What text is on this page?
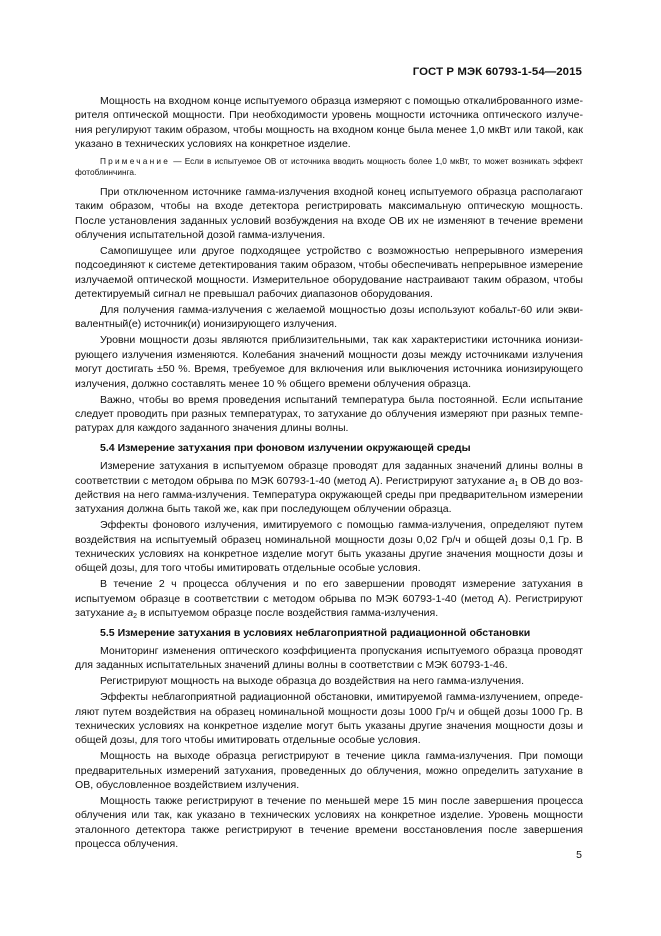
ГОСТ Р МЭК 60793-1-54—2015

Мощность на входном конце испытуемого образца измеряют с помощью откалиброванного измерителя оптической мощности. При необходимости уровень мощности источника оптического излучения регулируют таким образом, чтобы мощность на входном конце была менее 1,0 мкВт или такой, как указано в технических условиях на конкретное изделие.

Примечание — Если в испытуемое ОВ от источника вводить мощность более 1,0 мкВт, то может возникать эффект фотоблинчинга.

При отключенном источнике гамма-излучения входной конец испытуемого образца располагают таким образом, чтобы на входе детектора регистрировать максимальную оптическую мощность. После установления заданных условий возбуждения на входе ОВ их не изменяют в течение времени облучения испытательной дозой гамма-излучения.

Самопишущее или другое подходящее устройство с возможностью непрерывного измерения подсоединяют к системе детектирования таким образом, чтобы обеспечивать непрерывное измерение излучаемой оптической мощности. Измерительное оборудование настраивают таким образом, чтобы детектируемый сигнал не превышал рабочих диапазонов оборудования.

Для получения гамма-излучения с желаемой мощностью дозы используют кобальт-60 или эквивалентный(е) источник(и) ионизирующего излучения.

Уровни мощности дозы являются приблизительными, так как характеристики источника ионизирующего излучения изменяются. Колебания значений мощности дозы между источниками излучения могут достигать ±50 %. Время, требуемое для включения или выключения источника ионизирующего излучения, должно составлять менее 10 % общего времени облучения образца.

Важно, чтобы во время проведения испытаний температура была постоянной. Если испытание следует проводить при разных температурах, то затухание до облучения измеряют при разных температурах для каждого заданного значения длины волны.

5.4 Измерение затухания при фоновом излучении окружающей среды

Измерение затухания в испытуемом образце проводят для заданных значений длины волны в соответствии с методом обрыва по МЭК 60793-1-40 (метод А). Регистрируют затухание $a_1$ в ОВ до воздействия на него гамма-излучения. Температура окружающей среды при предварительном измерении затухания должна быть такой же, как при последующем облучении образца.

Эффекты фонового излучения, имитируемого с помощью гамма-излучения, определяют путем воздействия на испытуемый образец номинальной мощности дозы 0,02 Гр/ч и общей дозы 0,1 Гр. В технических условиях на конкретное изделие могут быть указаны другие значения мощности дозы и общей дозы, для того чтобы имитировать отдельные особые условия.

В течение 2 ч процесса облучения и по его завершении проводят измерение затухания в испытуемом образце в соответствии с методом обрыва по МЭК 60793-1-40 (метод А). Регистрируют затухание $a_2$ в испытуемом образце после воздействия гамма-излучения.

5.5 Измерение затухания в условиях неблагоприятной радиационной обстановки

Мониторинг изменения оптического коэффициента пропускания испытуемого образца проводят для заданных испытательных значений длины волны в соответствии с МЭК 60793-1-46.

Регистрируют мощность на выходе образца до воздействия на него гамма-излучения.

Эффекты неблагоприятной радиационной обстановки, имитируемой гамма-излучением, определяют путем воздействия на образец номинальной мощности дозы 1000 Гр/ч и общей дозы 1000 Гр. В технических условиях на конкретное изделие могут быть указаны другие значения мощности дозы и общей дозы, для того чтобы имитировать отдельные особые условия.

Мощность на выходе образца регистрируют в течение цикла гамма-излучения. При помощи предварительных измерений затухания, проведенных до облучения, можно определить затухание в ОВ, обусловленное воздействием излучения.

Мощность также регистрируют в течение по меньшей мере 15 мин после завершения процесса облучения или так, как указано в технических условиях на конкретное изделие. Уровень мощности эталонного детектора также регистрируют в течение времени восстановления после завершения процесса облучения.

5
